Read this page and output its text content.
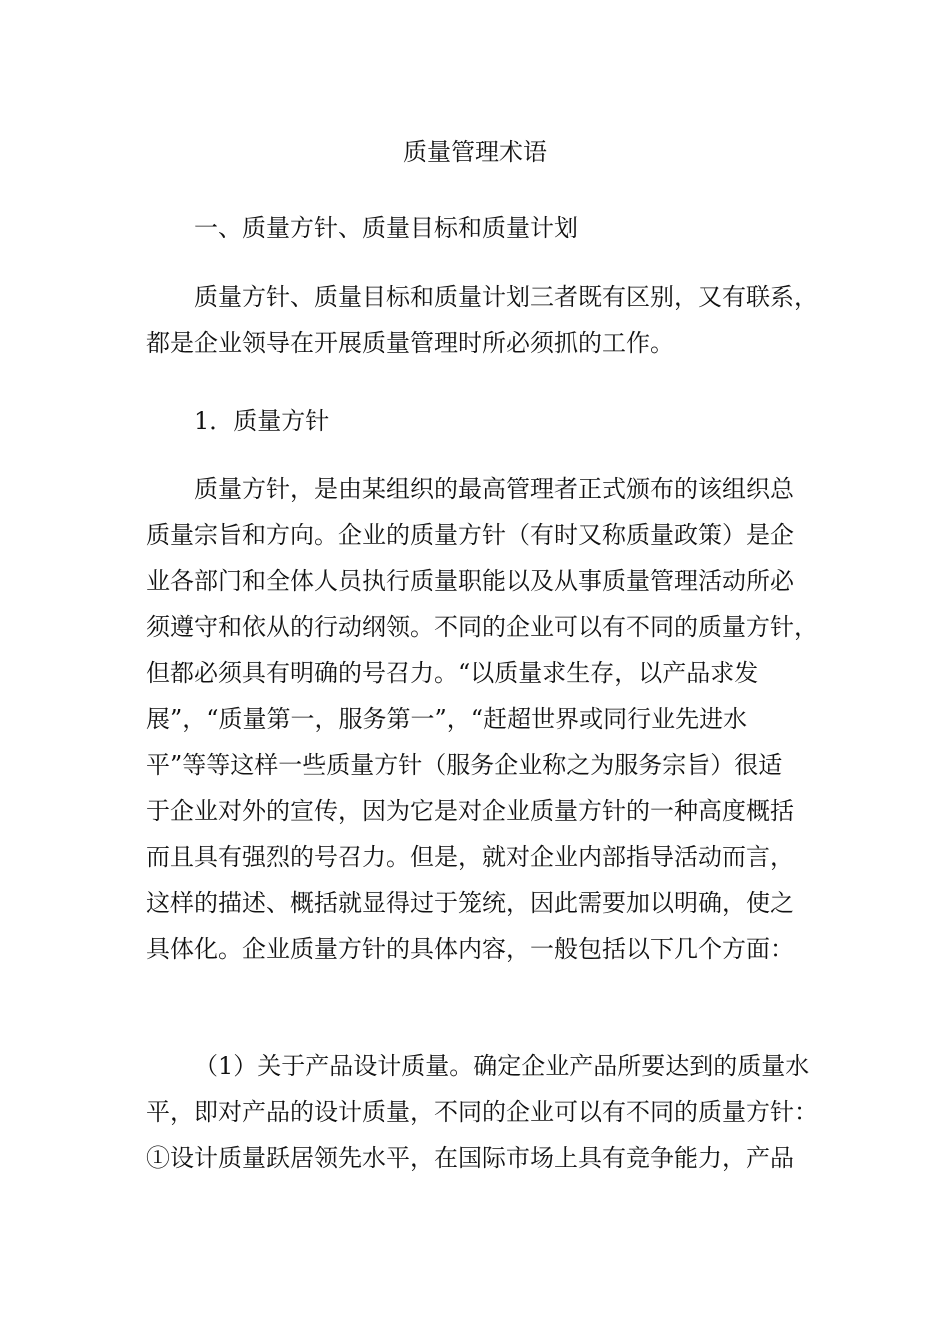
质量管理术语
一、质量方针、质量目标和质量计划
质量方针、质量目标和质量计划三者既有区别，又有联系，
都是企业领导在开展质量管理时所必须抓的工作。
1．质量方针
质量方针，是由某组织的最高管理者正式颁布的该组织总
质量宗旨和方向。企业的质量方针（有时又称质量政策）是企
业各部门和全体人员执行质量职能以及从事质量管理活动所必
须遵守和依从的行动纲领。不同的企业可以有不同的质量方针，
但都必须具有明确的号召力。“以质量求生存，以产品求发
展”，“质量第一，服务第一”，“赶超世界或同行业先进水
平”等等这样一些质量方针（服务企业称之为服务宗旨）很适
于企业对外的宣传，因为它是对企业质量方针的一种高度概括
而且具有强烈的号召力。但是，就对企业内部指导活动而言，
这样的描述、概括就显得过于笼统，因此需要加以明确，使之
具体化。企业质量方针的具体内容，一般包括以下几个方面：
（1）关于产品设计质量。确定企业产品所要达到的质量水
平，即对产品的设计质量，不同的企业可以有不同的质量方针：
①设计质量跃居领先水平，在国际市场上具有竞争能力，产品
